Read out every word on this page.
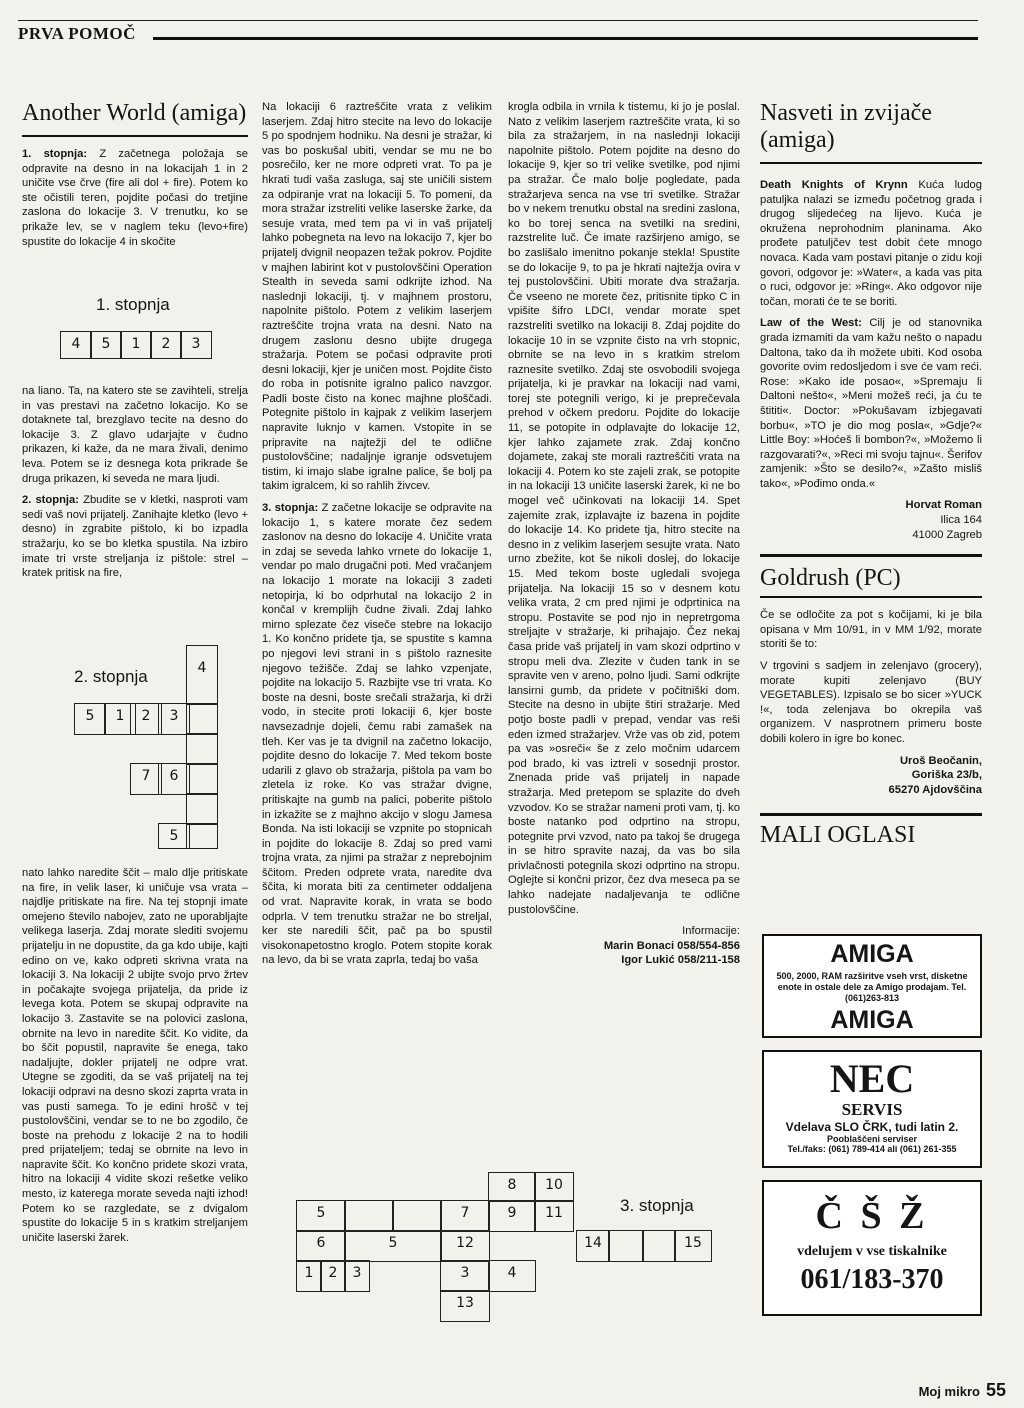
PRVA POMOČ
Another World (amiga)

1. stopnja: Z začetnega položaja se odpravite na desno in na lokacijah 1 in 2 uničite vse črve (fire ali dol + fire). Potem ko ste očistili teren, pojdite počasi do tretjine zaslona do lokacije 3. V trenutku, ko se prikaže lev, se v naglem teku (levo+fire) spustite do lokacije 4 in skočite

1. stopnja
4	5	1	2	3

na liano. Ta, na katero ste se zavihteli, strelja in vas prestavi na začetno lokacijo. Ko se dotaknete tal, brezglavo tecite na desno do lokacije 3. Z glavo udarjajte v čudno prikazen, ki kaže, da ne mara živali, denimo leva. Potem se iz desnega kota prikrade še druga prikazen, ki seveda ne mara ljudi.

2. stopnja: Zbudite se v kletki, nasproti vam sedi vaš novi prijatelj. Zanihajte kletko (levo + desno) in zgrabite pištolo, ki bo izpadla stražarju, ko se bo kletka spustila. Na izbiro imate tri vrste streljanja iz pištole: strel – kratek pritisk na fire,

2. stopnja	4
5	1	2	3
7	6
5

nato lahko naredite ščit – malo dlje pritiskate na fire, in velik laser, ki uničuje vsa vrata – najdlje pritiskate na fire. Na tej stopnji imate omejeno število nabojev, zato ne uporabljajte velikega laserja. Zdaj morate slediti svojemu prijatelju in ne dopustite, da ga kdo ubije, kajti edino on ve, kako odpreti skrivna vrata na lokaciji 3. Na lokaciji 2 ubijte svojo prvo žrtev in počakajte svojega prijatelja, da pride iz levega kota. Potem se skupaj odpravite na lokacijo 3. Zastavite se na polovici zaslona, obrnite na levo in naredite ščit. Ko vidite, da bo ščit popustil, napravite še enega, tako nadaljujte, dokler prijatelj ne odpre vrat. Utegne se zgoditi, da se vaš prijatelj na tej lokaciji odpravi na desno skozi zaprta vrata in vas pusti samega. To je edini hrošč v tej pustolovščini, vendar se to ne bo zgodilo, če boste na prehodu z lokacije 2 na to hodili pred prijateljem; tedaj se obrnite na levo in napravite ščit. Ko končno pridete skozi vrata, hitro na lokaciji 4 vidite skozi rešetke veliko mesto, iz katerega morate seveda najti izhod! Potem ko se razgledate, se z dvigalom spustite do lokacije 5 in s kratkim streljanjem uničite laserski žarek.

Na lokaciji 6 raztreščite vrata z velikim laserjem. Zdaj hitro stecite na levo do lokacije 5 po spodnjem hodniku. Na desni je stražar, ki vas bo poskušal ubiti, vendar se mu ne bo posrečilo, ker ne more odpreti vrat. To pa je hkrati tudi vaša zasluga, saj ste uničili sistem za odpiranje vrat na lokaciji 5. To pomeni, da mora stražar izstreliti velike laserske žarke, da sesuje vrata, med tem pa vi in vaš prijatelj lahko pobegneta na levo na lokacijo 7, kjer bo prijatelj dvignil neopazen težak pokrov. Pojdite v majhen labirint kot v pustolovščini Operation Stealth in seveda sami odkrijte izhod. Na naslednji lokaciji, tj. v majhnem prostoru, napolnite pištolo. Potem z velikim laserjem raztreščite trojna vrata na desni. Nato na drugem zaslonu desno ubijte drugega stražarja. Potem se počasi odpravite proti desni lokaciji, kjer je uničen most. Pojdite čisto do roba in potisnite igralno palico navzgor. Padli boste čisto na konec majhne ploščadi. Potegnite pištolo in kajpak z velikim laserjem napravite luknjo v kamen. Vstopite in se pripravite na najtežji del te odlične pustolovščine; nadaljnje igranje odsvetujem tistim, ki imajo slabe igralne palice, še bolj pa takim igralcem, ki so rahlih živcev.

3. stopnja: Z začetne lokacije se odpravite na lokacijo 1, s katere morate čez sedem zaslonov na desno do lokacije 4. Uničite vrata in zdaj se seveda lahko vrnete do lokacije 1, vendar po malo drugačni poti. Med vračanjem na lokacijo 1 morate na lokaciji 3 zadeti netopirja, ki bo odprhutal na lokacijo 2 in končal v kremplijh čudne živali. Zdaj lahko mirno splezate čez viseče stebre na lokacijo 1. Ko končno pridete tja, se spustite s kamna po njegovi levi strani in s pištolo raznesite njegovo težišče. Zdaj se lahko vzpenjate, pojdite na lokacijo 5. Razbijte vse tri vrata. Ko boste na desni, boste srečali stražarja, ki drži vodo, in stecite proti lokaciji 6, kjer boste navsezadnje dojeli, čemu rabi zamašek na tleh. Ker vas je ta dvignil na začetno lokacijo, pojdite desno do lokacije 7. Med tekom boste udarili z glavo ob stražarja, pištola pa vam bo zletela iz roke. Ko vas stražar dvigne, pritiskajte na gumb na palici, poberite pištolo in izkažite se z majhno akcijo v slogu Jamesa Bonda. Na isti lokaciji se vzpnite po stopnicah in pojdite do lokacije 8. Zdaj so pred vami trojna vrata, za njimi pa stražar z neprebojnim ščitom. Preden odprete vrata, naredite dva ščita, ki morata biti za centimeter oddaljena od vrat. Napravite korak, in vrata se bodo odprla. V tem trenutku stražar ne bo streljal, ker ste naredili ščit, pač pa bo spustil visokonapetostno kroglo. Potem stopite korak na levo, da bi se vrata zaprla, tedaj bo vaša

krogla odbila in vrnila k tistemu, ki jo je poslal. Nato z velikim laserjem raztreščite vrata, ki so bila za stražarjem, in na naslednji lokaciji napolnite pištolo. Potem pojdite na desno do lokacije 9, kjer so tri velike svetilke, pod njimi pa stražar. Če malo bolje pogledate, pada stražarjeva senca na vse tri svetilke. Stražar bo v nekem trenutku obstal na sredini zaslona, ko bo torej senca na svetilki na sredini, razstrelite luč. Če imate razširjeno amigo, se bo zaslišalo imenitno pokanje stekla! Spustite se do lokacije 9, to pa je hkrati najtežja ovira v tej pustolovščini. Ubiti morate dva stražarja. Če vseeno ne morete čez, pritisnite tipko C in vpišite šifro LDCI, vendar morate spet razstreliti svetilko na lokaciji 8. Zdaj pojdite do lokacije 10 in se vzpnite čisto na vrh stopnic, obrnite se na levo in s kratkim strelom raznesite svetilko. Zdaj ste osvobodili svojega prijatelja, ki je pravkar na lokaciji nad vami, torej ste potegnili verigo, ki je preprečevala prehod v očkem predoru. Pojdite do lokacije 11, se potopite in odplavajte do lokacije 12, kjer lahko zajamete zrak. Zdaj končno dojamete, zakaj ste morali raztreščiti vrata na lokaciji 4. Potem ko ste zajeli zrak, se potopite in na lokaciji 13 uničite laserski žarek, ki ne bo mogel več učinkovati na lokaciji 14. Spet zajemite zrak, izplavajte iz bazena in pojdite do lokacije 14. Ko pridete tja, hitro stecite na desno in z velikim laserjem sesujte vrata. Nato urno zbežite, kot še nikoli doslej, do lokacije 15. Med tekom boste ugledali svojega prijatelja. Na lokaciji 15 so v desnem kotu velika vrata, 2 cm pred njimi je odprtinica na stropu. Postavite se pod njo in nepretrgoma streljajte v stražarje, ki prihajajo. Čez nekaj časa pride vaš prijatelj in vam skozi odprtino v stropu meli dva. Zlezite v čuden tank in se spravite ven v areno, polno ljudi. Sami odkrijte lansirni gumb, da pridete v počitniški dom. Stecite na desno in ubijte štiri stražarje. Med potjo boste padli v prepad, vendar vas reši eden izmed stražarjev. Vrže vas ob zid, potem pa vas »osreči« še z zelo močnim udarcem pod brado, ki vas iztreli v sosednji prostor. Znenada pride vaš prijatelj in napade stražarja. Med pretepom se splazite do dveh vzvodov. Ko se stražar nameni proti vam, tj. ko boste natanko pod odprtino na stropu, potegnite prvi vzvod, nato pa takoj še drugega in se hitro spravite nazaj, da vas bo sila privlačnosti potegnila skozi odprtino na stropu. Oglejte si končni prizor, čez dva meseca pa se lahko nadejate nadaljevanja te odlične pustolovščine.

Informacije:
Marin Bonaci 058/554-856
Igor Lukić 058/211-158
3. stopnja
8	10
5	7	9	11
6	5	12	14	15
1	2	3	3	4
13
Nasveti in zvijače (amiga)

Death Knights of Krynn Kuća ludog patuljka nalazi se između početnog grada i drugog slijedećeg na lijevo. Kuća je okružena neprohodnim planinama. Ako prođete patuljčev test dobit ćete mnogo novaca. Kada vam postavi pitanje o zidu koji govori, odgovor je: »Water«, a kada vas pita o ruci, odgovor je: »Ring«. Ako odgovor nije točan, morati će te se boriti.

Law of the West: Cilj je od stanovnika grada izmamiti da vam kažu nešto o napadu Daltona, tako da ih možete ubiti. Kod osoba govorite ovim redosljedom i sve će vam reći. Rose: »Kako ide posao«, »Spremaju li Daltoni nešto«, »Meni možeš reći, ja ću te štititi«. Doctor: »Pokušavam izbjegavati borbu«, »TO je dio mog posla«, »Gdje?« Little Boy: »Hoćeš li bombon?«, »Možemo li razgovarati?«, »Reci mi svoju tajnu«. Šerifov zamjenik: »Što se desilo?«, »Zašto misliš tako«, »Pođimo onda.«

Horvat Roman
Ilica 164
41000 Zagreb
Goldrush (PC)

Če se odločite za pot s kočijami, ki je bila opisana v Mm 10/91, in v MM 1/92, morate storiti še to:

V trgovini s sadjem in zelenjavo (grocery), morate kupiti zelenjavo (BUY VEGETABLES). Izpisalo se bo sicer »YUCK !«, toda zelenjava bo okrepila vaš organizem. V nasprotnem primeru boste dobili kolero in igre bo konec.

Uroš Beočanin,
Goriška 23/b,
65270 Ajdovščina
MALI OGLASI
AMIGA
500, 2000, RAM razširitve vseh vrst, disketne enote in ostale dele za Amigo prodajam. Tel. (061)263-813
AMIGA
NEC
SERVIS
Vdelava SLO ČRK, tudi latin 2.
Pooblaščeni serviser
Tel./faks: (061) 789-414 ali (061) 261-355
Č Š Ž
vdelujem v vse tiskalnike
061/183-370
Moj mikro 55
